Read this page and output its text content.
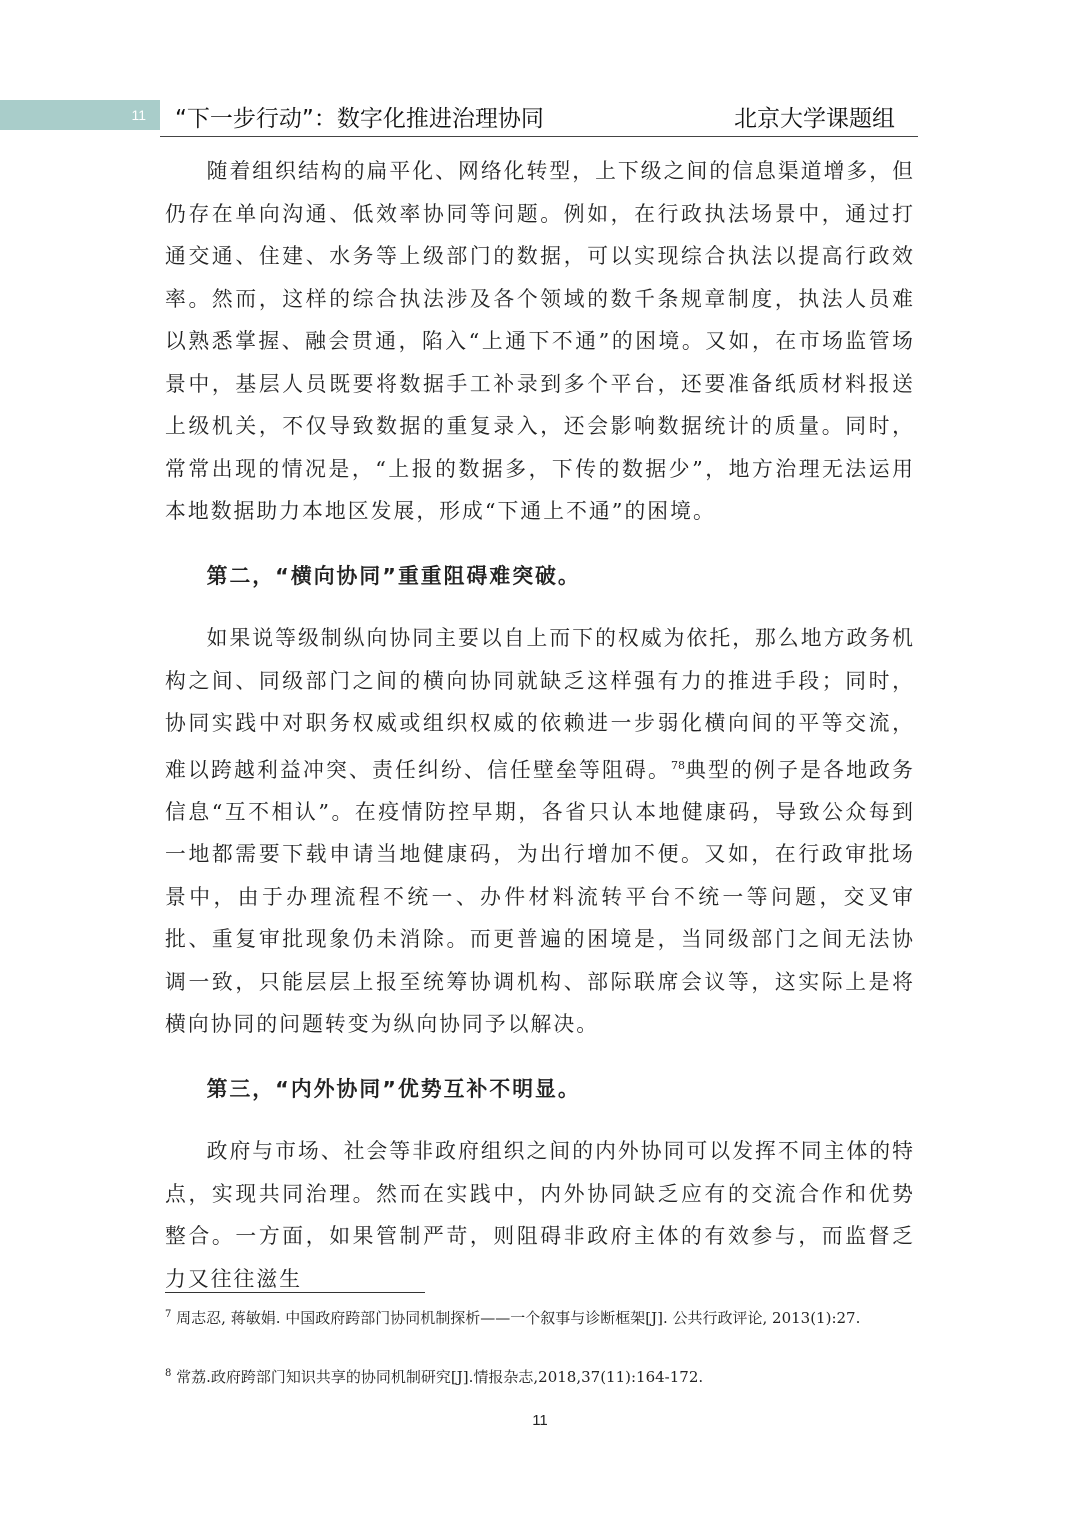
11	“下一步行动”：数字化推进治理协同	北京大学课题组

随着组织结构的扁平化、网络化转型，上下级之间的信息渠道增多，但仍存在单向沟通、低效率协同等问题。例如，在行政执法场景中，通过打通交通、住建、水务等上级部门的数据，可以实现综合执法以提高行政效率。然而，这样的综合执法涉及各个领域的数千条规章制度，执法人员难以熟悉掌握、融会贯通，陷入“上通下不通”的困境。又如，在市场监管场景中，基层人员既要将数据手工补录到多个平台，还要准备纸质材料报送上级机关，不仅导致数据的重复录入，还会影响数据统计的质量。同时，常常出现的情况是，“上报的数据多，下传的数据少”，地方治理无法运用本地数据助力本地区发展，形成“下通上不通”的困境。

第二，“横向协同”重重阻碍难突破。

如果说等级制纵向协同主要以自上而下的权威为依托，那么地方政务机构之间、同级部门之间的横向协同就缺乏这样强有力的推进手段；同时，协同实践中对职务权威或组织权威的依赖进一步弱化横向间的平等交流，难以跨越利益冲突、责任纠纷、信任壁垒等阻碍。$^{78}$典型的例子是各地政务信息“互不相认”。在疫情防控早期，各省只认本地健康码，导致公众每到一地都需要下载申请当地健康码，为出行增加不便。又如，在行政审批场景中，由于办理流程不统一、办件材料流转平台不统一等问题，交叉审批、重复审批现象仍未消除。而更普遍的困境是，当同级部门之间无法协调一致，只能层层上报至统筹协调机构、部际联席会议等，这实际上是将横向协同的问题转变为纵向协同予以解决。

第三，“内外协同”优势互补不明显。

政府与市场、社会等非政府组织之间的内外协同可以发挥不同主体的特点，实现共同治理。然而在实践中，内外协同缺乏应有的交流合作和优势整合。一方面，如果管制严苛，则阻碍非政府主体的有效参与，而监督乏力又往往滋生

$^7$ 周志忍, 蒋敏娟. 中国政府跨部门协同机制探析——一个叙事与诊断框架[J]. 公共行政评论, 2013(1):27.
$^8$ 常荔.政府跨部门知识共享的协同机制研究[J].情报杂志,2018,37(11):164-172.
11
